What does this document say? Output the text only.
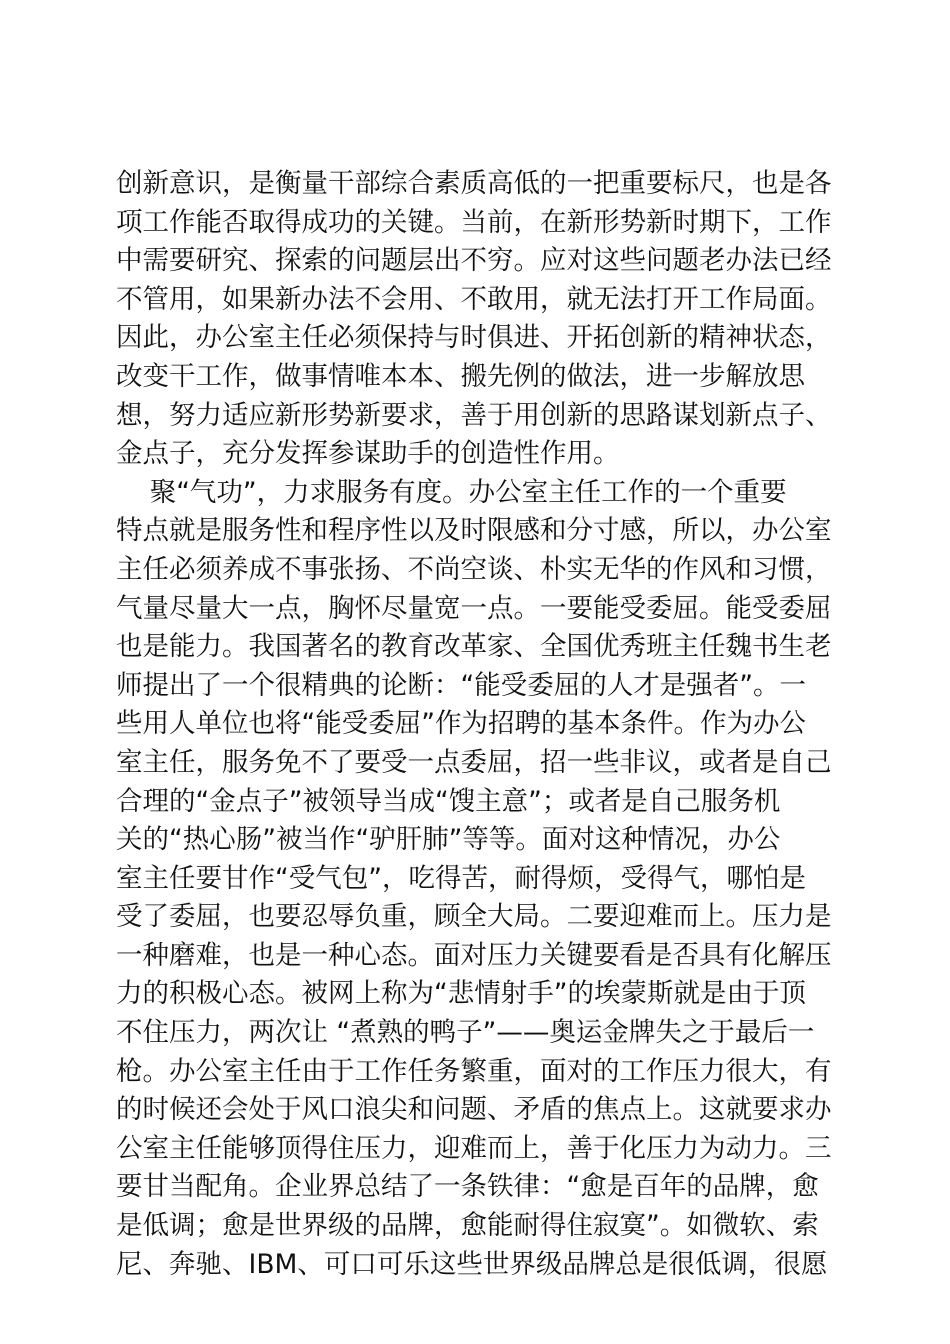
创新意识，是衡量干部综合素质高低的一把重要标尺，也是各
项工作能否取得成功的关键。当前，在新形势新时期下，工作
中需要研究、探索的问题层出不穷。应对这些问题老办法已经
不管用，如果新办法不会用、不敢用，就无法打开工作局面。
因此，办公室主任必须保持与时俱进、开拓创新的精神状态，
改变干工作，做事情唯本本、搬先例的做法，进一步解放思
想，努力适应新形势新要求，善于用创新的思路谋划新点子、
金点子，充分发挥参谋助手的创造性作用。
聚“气功”，力求服务有度。办公室主任工作的一个重要
特点就是服务性和程序性以及时限感和分寸感，所以，办公室
主任必须养成不事张扬、不尚空谈、朴实无华的作风和习惯，
气量尽量大一点，胸怀尽量宽一点。一要能受委屈。能受委屈
也是能力。我国著名的教育改革家、全国优秀班主任魏书生老
师提出了一个很精典的论断：“能受委屈的人才是强者”。一
些用人单位也将“能受委屈”作为招聘的基本条件。作为办公
室主任，服务免不了要受一点委屈，招一些非议，或者是自己
合理的“金点子”被领导当成“馊主意”；或者是自己服务机
关的“热心肠”被当作“驴肝肺”等等。面对这种情况，办公
室主任要甘作“受气包”，吃得苦，耐得烦，受得气，哪怕是
受了委屈，也要忍辱负重，顾全大局。二要迎难而上。压力是
一种磨难，也是一种心态。面对压力关键要看是否具有化解压
力的积极心态。被网上称为“悲情射手”的埃蒙斯就是由于顶
不住压力，两次让 “煮熟的鸭子”——奥运金牌失之于最后一
枪。办公室主任由于工作任务繁重，面对的工作压力很大，有
的时候还会处于风口浪尖和问题、矛盾的焦点上。这就要求办
公室主任能够顶得住压力，迎难而上，善于化压力为动力。三
要甘当配角。企业界总结了一条铁律：“愈是百年的品牌，愈
是低调；愈是世界级的品牌，愈能耐得住寂寞”。如微软、索
尼、奔驰、IBM、可口可乐这些世界级品牌总是很低调，很愿
